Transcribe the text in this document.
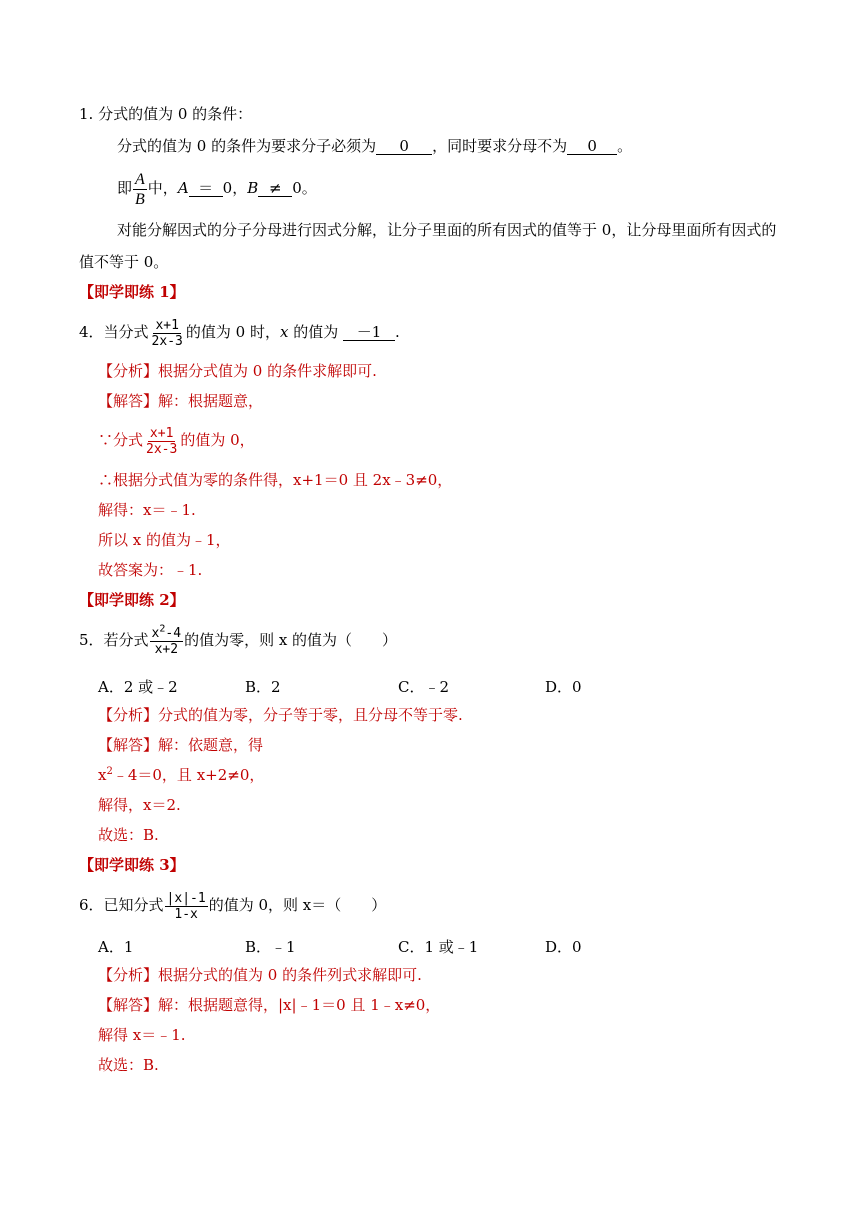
1. 分式的值为 0 的条件：
分式的值为 0 的条件为要求分子必须为 0 ，同时要求分母不为 0 。
即 $\frac{A}{B}$ 中，A ＝ 0，B ≠ 0。
对能分解因式的分子分母进行因式分解，让分子里面的所有因式的值等于 0，让分母里面所有因式的
值不等于 0。
【即学即练 1】
4．当分式 $\frac{x+1}{2x-3}$ 的值为 0 时，x 的值为 －1 .
【分析】根据分式值为 0 的条件求解即可.
【解答】解：根据题意，
∵分式 $\frac{x+1}{2x-3}$ 的值为 0，
∴根据分式值为零的条件得，x+1＝0 且 2x﹣3≠0，
解得：x＝﹣1.
所以 x 的值为﹣1，
故答案为：﹣1.
【即学即练 2】
5．若分式 $\frac{x^2-4}{x+2}$ 的值为零，则 x 的值为（　　）
A．2 或﹣2	B．2	C．﹣2	D．0
【分析】分式的值为零，分子等于零，且分母不等于零.
【解答】解：依题意，得
$x^2﹣4=0$，且 x+2≠0，
解得，x＝2.
故选：B.
【即学即练 3】
6．已知分式 $\frac{|x|-1}{1-x}$ 的值为 0，则 x＝（　　）
A．1	B．﹣1	C．1 或﹣1	D．0
【分析】根据分式的值为 0 的条件列式求解即可.
【解答】解：根据题意得，|x|﹣1＝0 且 1﹣x≠0，
解得 x＝﹣1.
故选：B.
